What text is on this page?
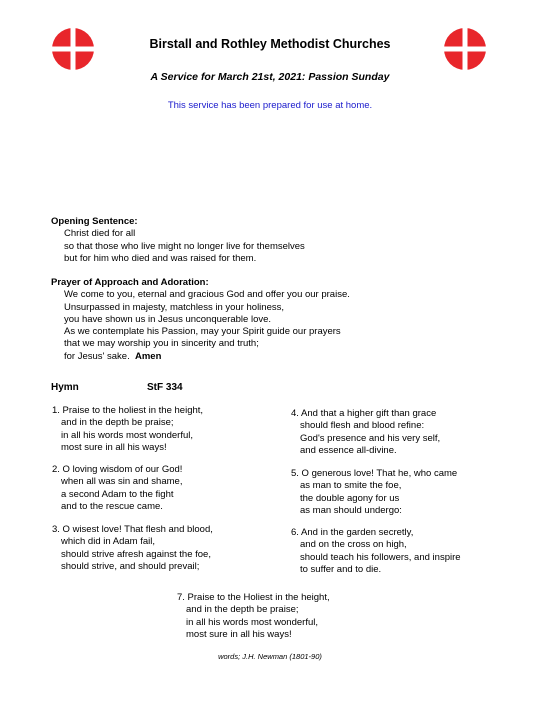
Birstall and Rothley Methodist Churches
A Service for March 21st, 2021: Passion Sunday
This service has been prepared for use at home.
Opening Sentence:
Christ died for all
so that those who live might no longer live for themselves
but for him who died and was raised for them.
Prayer of Approach and Adoration:
We come to you, eternal and gracious God and offer you our praise.
Unsurpassed in majesty, matchless in your holiness,
you have shown us in Jesus unconquerable love.
As we contemplate his Passion, may your Spirit guide our prayers
that we may worship you in sincerity and truth;
for Jesus' sake. Amen
Hymn	StF 334
1. Praise to the holiest in the height,
and in the depth be praise;
in all his words most wonderful,
most sure in all his ways!
2. O loving wisdom of our God!
when all was sin and shame,
a second Adam to the fight
and to the rescue came.
3. O wisest love! That flesh and blood,
which did in Adam fail,
should strive afresh against the foe,
should strive, and should prevail;
4. And that a higher gift than grace
should flesh and blood refine:
God's presence and his very self,
and essence all-divine.
5. O generous love! That he, who came
as man to smite the foe,
the double agony for us
as man should undergo:
6. And in the garden secretly,
and on the cross on high,
should teach his followers, and inspire
to suffer and to die.
7. Praise to the Holiest in the height,
and in the depth be praise;
in all his words most wonderful,
most sure in all his ways!
words; J.H. Newman (1801-90)
